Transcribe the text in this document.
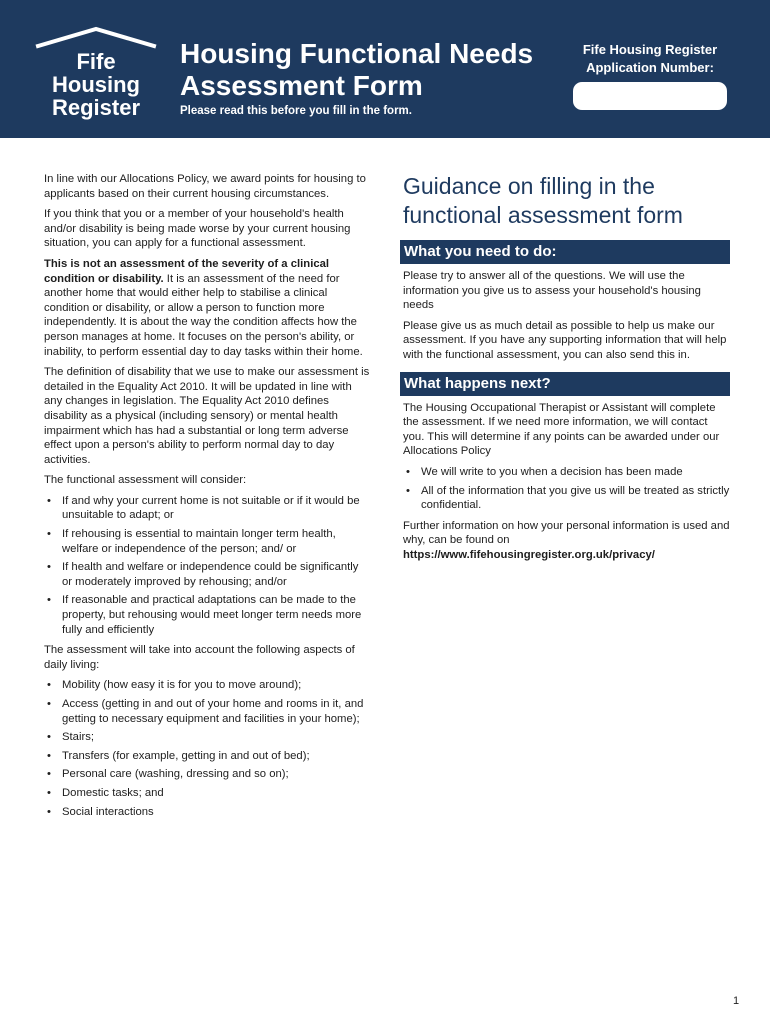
Fife
Housing
Register
Housing Functional Needs
Assessment Form
Please read this before you fill in the form.
Fife Housing Register
Application Number:

In line with our Allocations Policy, we award points for housing to applicants based on their current housing circumstances.

If you think that you or a member of your household's health and/or disability is being made worse by your current housing situation, you can apply for a functional assessment.

This is not an assessment of the severity of a clinical condition or disability. It is an assessment of the need for another home that would either help to stabilise a clinical condition or disability, or allow a person to function more independently. It is about the way the condition affects how the person manages at home. It focuses on the person's ability, or inability, to perform essential day to day tasks within their home.

The definition of disability that we use to make our assessment is detailed in the Equality Act 2010. It will be updated in line with any changes in legislation. The Equality Act 2010 defines disability as a physical (including sensory) or mental health impairment which has had a substantial or long term adverse effect upon a person's ability to perform normal day to day activities.

The functional assessment will consider:

• If and why your current home is not suitable or if it would be unsuitable to adapt; or
• If rehousing is essential to maintain longer term health, welfare or independence of the person; and/ or
• If health and welfare or independence could be significantly or moderately improved by rehousing; and/or
• If reasonable and practical adaptations can be made to the property, but rehousing would meet longer term needs more fully and efficiently

The assessment will take into account the following aspects of daily living:

• Mobility (how easy it is for you to move around);
• Access (getting in and out of your home and rooms in it, and getting to necessary equipment and facilities in your home);
• Stairs;
• Transfers (for example, getting in and out of bed);
• Personal care (washing, dressing and so on);
• Domestic tasks; and
• Social interactions
Guidance on filling in the functional assessment form
What you need to do:

Please try to answer all of the questions. We will use the information you give us to assess your household's housing needs

Please give us as much detail as possible to help us make our assessment. If you have any supporting information that will help with the functional assessment, you can also send this in.

What happens next?

The Housing Occupational Therapist or Assistant will complete the assessment. If we need more information, we will contact you. This will determine if any points can be awarded under our Allocations Policy

• We will write to you when a decision has been made
• All of the information that you give us will be treated as strictly confidential.

Further information on how your personal information is used and why, can be found on
https://www.fifehousingregister.org.uk/privacy/

1
